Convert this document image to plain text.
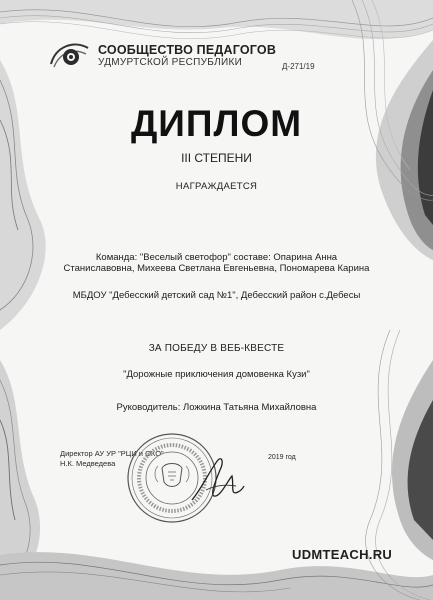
СООБЩЕСТВО ПЕДАГОГОВ
УДМУРТСКОЙ РЕСПУБЛИКИ	Д-271/19
ДИПЛОМ
III СТЕПЕНИ
НАГРАЖДАЕТСЯ
Команда: "Веселый светофор" составе: Опарина Анна
Станиславовна, Михеева Светлана Евгеньевна, Пономарева Карина
МБДОУ "Дебесский детский сад №1", Дебесский район с.Дебесы
ЗА ПОБЕДУ В ВЕБ-КВЕСТЕ
"Дорожные приключения домовенка Кузи"
Руководитель: Ложкина Татьяна Михайловна
Директор АУ УР "РЦИ и ОКО"
Н.К. Медведева
2019 год
UDMTEACH.RU
